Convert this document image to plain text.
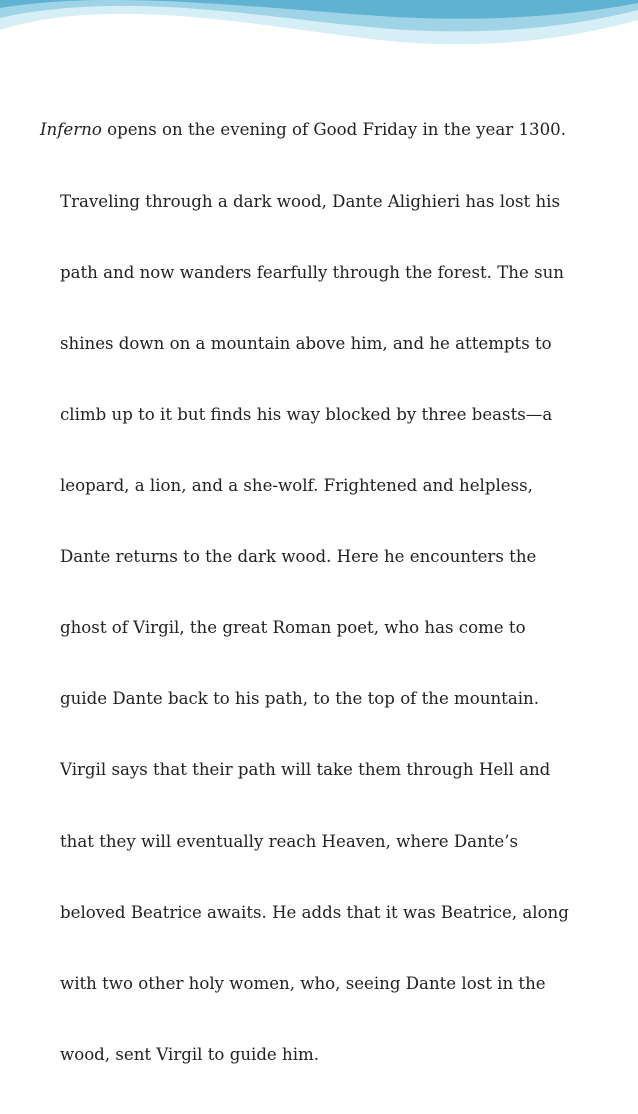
Inferno opens on the evening of Good Friday in the year 1300.

Traveling through a dark wood, Dante Alighieri has lost his

path and now wanders fearfully through the forest. The sun

shines down on a mountain above him, and he attempts to

climb up to it but finds his way blocked by three beasts—a

leopard, a lion, and a she-wolf. Frightened and helpless,

Dante returns to the dark wood. Here he encounters the

ghost of Virgil, the great Roman poet, who has come to

guide Dante back to his path, to the top of the mountain.

Virgil says that their path will take them through Hell and

that they will eventually reach Heaven, where Dante’s

beloved Beatrice awaits. He adds that it was Beatrice, along

with two other holy women, who, seeing Dante lost in the

wood, sent Virgil to guide him.
